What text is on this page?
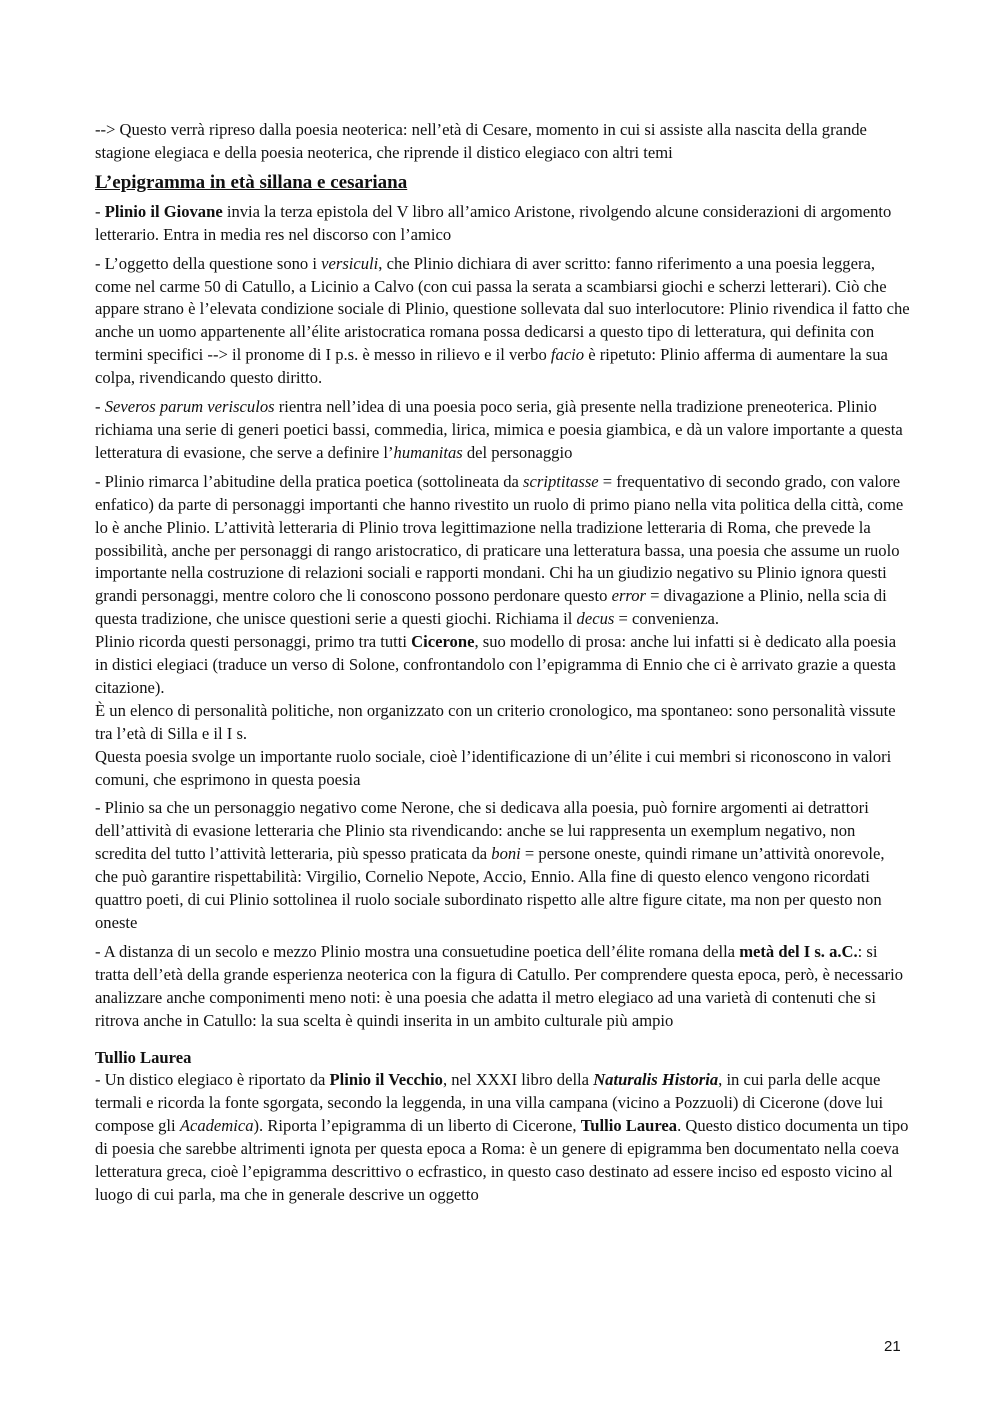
--> Questo verrà ripreso dalla poesia neoterica: nell’età di Cesare, momento in cui si assiste alla nascita della grande stagione elegiaca e della poesia neoterica, che riprende il distico elegiaco con altri temi

L’epigramma in età sillana e cesariana

- Plinio il Giovane invia la terza epistola del V libro all’amico Aristone, rivolgendo alcune considerazioni di argomento letterario. Entra in media res nel discorso con l’amico

- L’oggetto della questione sono i versiculi, che Plinio dichiara di aver scritto: fanno riferimento a una poesia leggera, come nel carme 50 di Catullo, a Licinio a Calvo (con cui passa la serata a scambiarsi giochi e scherzi letterari). Ciò che appare strano è l’elevata condizione sociale di Plinio, questione sollevata dal suo interlocutore: Plinio rivendica il fatto che anche un uomo appartenente all’élite aristocratica romana possa dedicarsi a questo tipo di letteratura, qui definita con termini specifici --> il pronome di I p.s. è messo in rilievo e il verbo facio è ripetuto: Plinio afferma di aumentare la sua colpa, rivendicando questo diritto.

- Severos parum verisculos rientra nell’idea di una poesia poco seria, già presente nella tradizione preneoterica. Plinio richiama una serie di generi poetici bassi, commedia, lirica, mimica e poesia giambica, e dà un valore importante a questa letteratura di evasione, che serve a definire l’humanitas del personaggio

- Plinio rimarca l’abitudine della pratica poetica (sottolineata da scriptitasse = frequentativo di secondo grado, con valore enfatico) da parte di personaggi importanti che hanno rivestito un ruolo di primo piano nella vita politica della città, come lo è anche Plinio. L’attività letteraria di Plinio trova legittimazione nella tradizione letteraria di Roma, che prevede la possibilità, anche per personaggi di rango aristocratico, di praticare una letteratura bassa, una poesia che assume un ruolo importante nella costruzione di relazioni sociali e rapporti mondani. Chi ha un giudizio negativo su Plinio ignora questi grandi personaggi, mentre coloro che li conoscono possono perdonare questo error = divagazione a Plinio, nella scia di questa tradizione, che unisce questioni serie a questi giochi. Richiama il decus = convenienza.

Plinio ricorda questi personaggi, primo tra tutti Cicerone, suo modello di prosa: anche lui infatti si è dedicato alla poesia in distici elegiaci (traduce un verso di Solone, confrontandolo con l’epigramma di Ennio che ci è arrivato grazie a questa citazione).

È un elenco di personalità politiche, non organizzato con un criterio cronologico, ma spontaneo: sono personalità vissute tra l’età di Silla e il I s.

Questa poesia svolge un importante ruolo sociale, cioè l’identificazione di un’élite i cui membri si riconoscono in valori comuni, che esprimono in questa poesia

- Plinio sa che un personaggio negativo come Nerone, che si dedicava alla poesia, può fornire argomenti ai detrattori dell’attività di evasione letteraria che Plinio sta rivendicando: anche se lui rappresenta un exemplum negativo, non scredita del tutto l’attività letteraria, più spesso praticata da boni = persone oneste, quindi rimane un’attività onorevole, che può garantire rispettabilità: Virgilio, Cornelio Nepote, Accio, Ennio. Alla fine di questo elenco vengono ricordati quattro poeti, di cui Plinio sottolinea il ruolo sociale subordinato rispetto alle altre figure citate, ma non per questo non oneste

- A distanza di un secolo e mezzo Plinio mostra una consuetudine poetica dell’élite romana della metà del I s. a.C.: si tratta dell’età della grande esperienza neoterica con la figura di Catullo. Per comprendere questa epoca, però, è necessario analizzare anche componimenti meno noti: è una poesia che adatta il metro elegiaco ad una varietà di contenuti che si ritrova anche in Catullo: la sua scelta è quindi inserita in un ambito culturale più ampio

Tullio Laurea

- Un distico elegiaco è riportato da Plinio il Vecchio, nel XXXI libro della Naturalis Historia, in cui parla delle acque termali e ricorda la fonte sgorgata, secondo la leggenda, in una villa campana (vicino a Pozzuoli) di Cicerone (dove lui compose gli Academica). Riporta l’epigramma di un liberto di Cicerone, Tullio Laurea. Questo distico documenta un tipo di poesia che sarebbe altrimenti ignota per questa epoca a Roma: è un genere di epigramma ben documentato nella coeva letteratura greca, cioè l’epigramma descrittivo o ecfrastico, in questo caso destinato ad essere inciso ed esposto vicino al luogo di cui parla, ma che in generale descrive un oggetto

21
